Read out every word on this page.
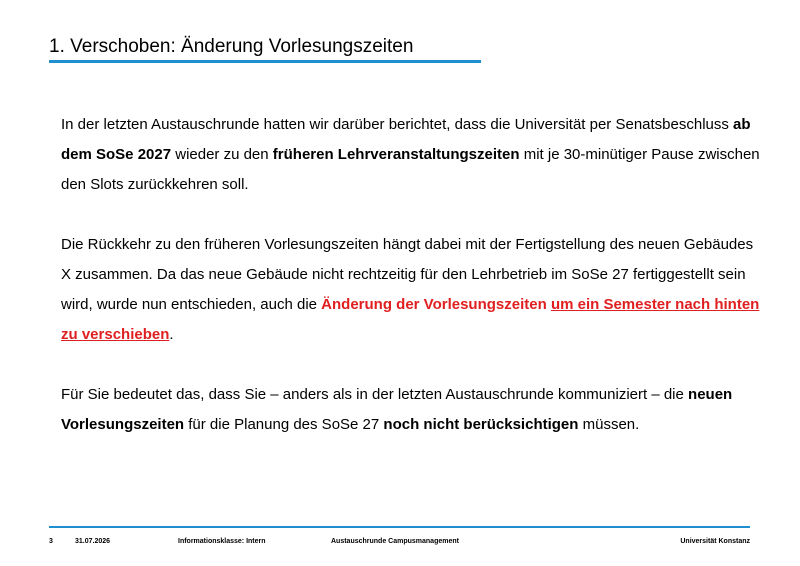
1. Verschoben: Änderung Vorlesungszeiten

In der letzten Austauschrunde hatten wir darüber berichtet, dass die Universität per Senatsbeschluss ab dem SoSe 2027 wieder zu den früheren Lehrveranstaltungszeiten mit je 30-minütiger Pause zwischen den Slots zurückkehren soll.

Die Rückkehr zu den früheren Vorlesungszeiten hängt dabei mit der Fertigstellung des neuen Gebäudes X zusammen. Da das neue Gebäude nicht rechtzeitig für den Lehrbetrieb im SoSe 27 fertiggestellt sein wird, wurde nun entschieden, auch die Änderung der Vorlesungszeiten um ein Semester nach hinten zu verschieben.

Für Sie bedeutet das, dass Sie – anders als in der letzten Austauschrunde kommuniziert – die neuen Vorlesungszeiten für die Planung des SoSe 27 noch nicht berücksichtigen müssen.

3	31.07.2026	Informationsklasse: Intern	Austauschrunde Campusmanagement	Universität Konstanz
